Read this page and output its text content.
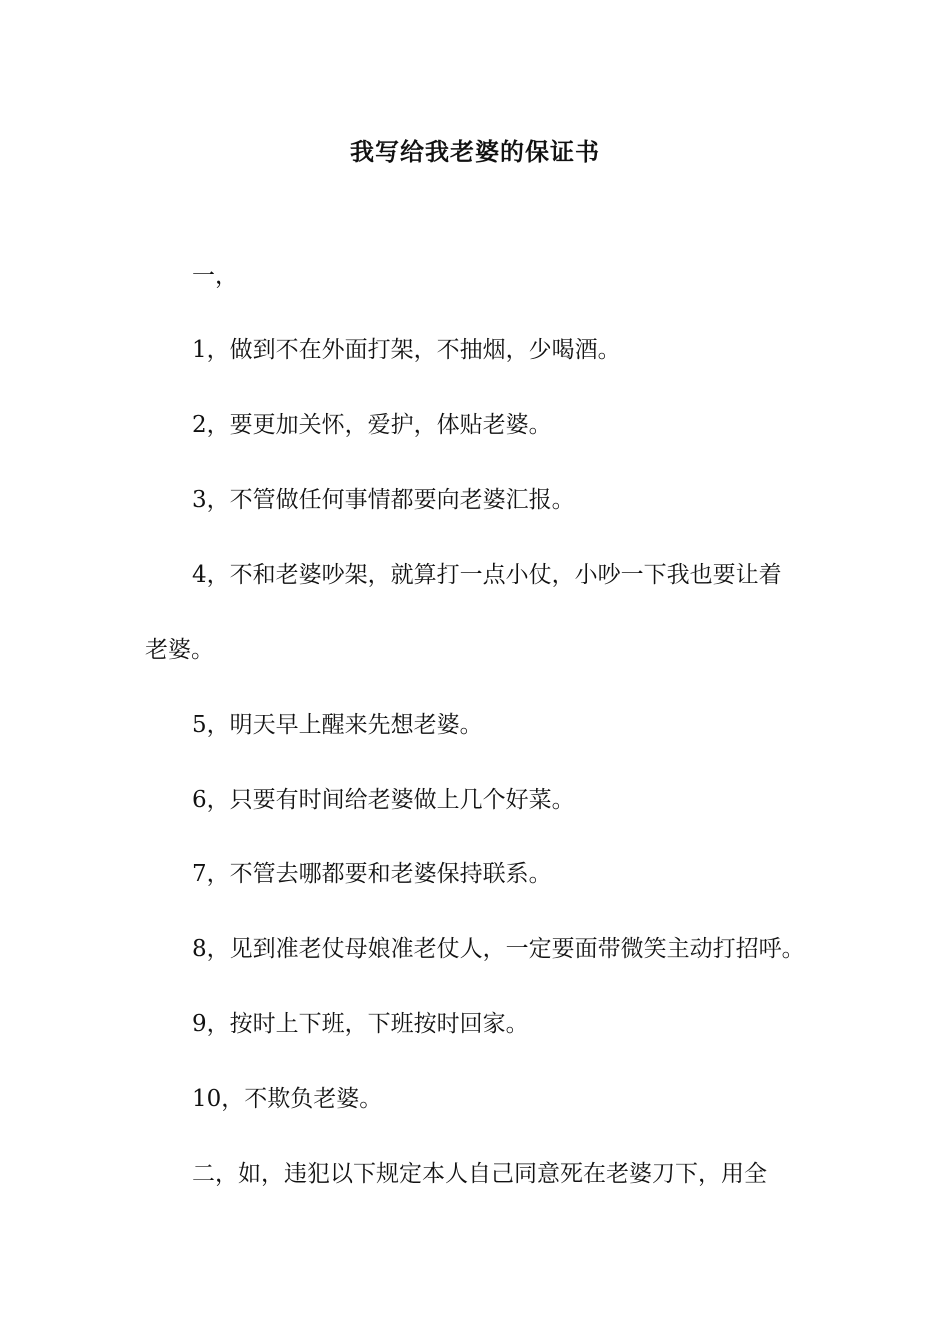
我写给我老婆的保证书
一，
1，做到不在外面打架，不抽烟，少喝酒。
2，要更加关怀，爱护，体贴老婆。
3，不管做任何事情都要向老婆汇报。
4，不和老婆吵架，就算打一点小仗，小吵一下我也要让着
老婆。
5，明天早上醒来先想老婆。
6，只要有时间给老婆做上几个好菜。
7，不管去哪都要和老婆保持联系。
8，见到准老仗母娘准老仗人，一定要面带微笑主动打招呼。
9，按时上下班，下班按时回家。
10，不欺负老婆。
二，如，违犯以下规定本人自己同意死在老婆刀下，用全
